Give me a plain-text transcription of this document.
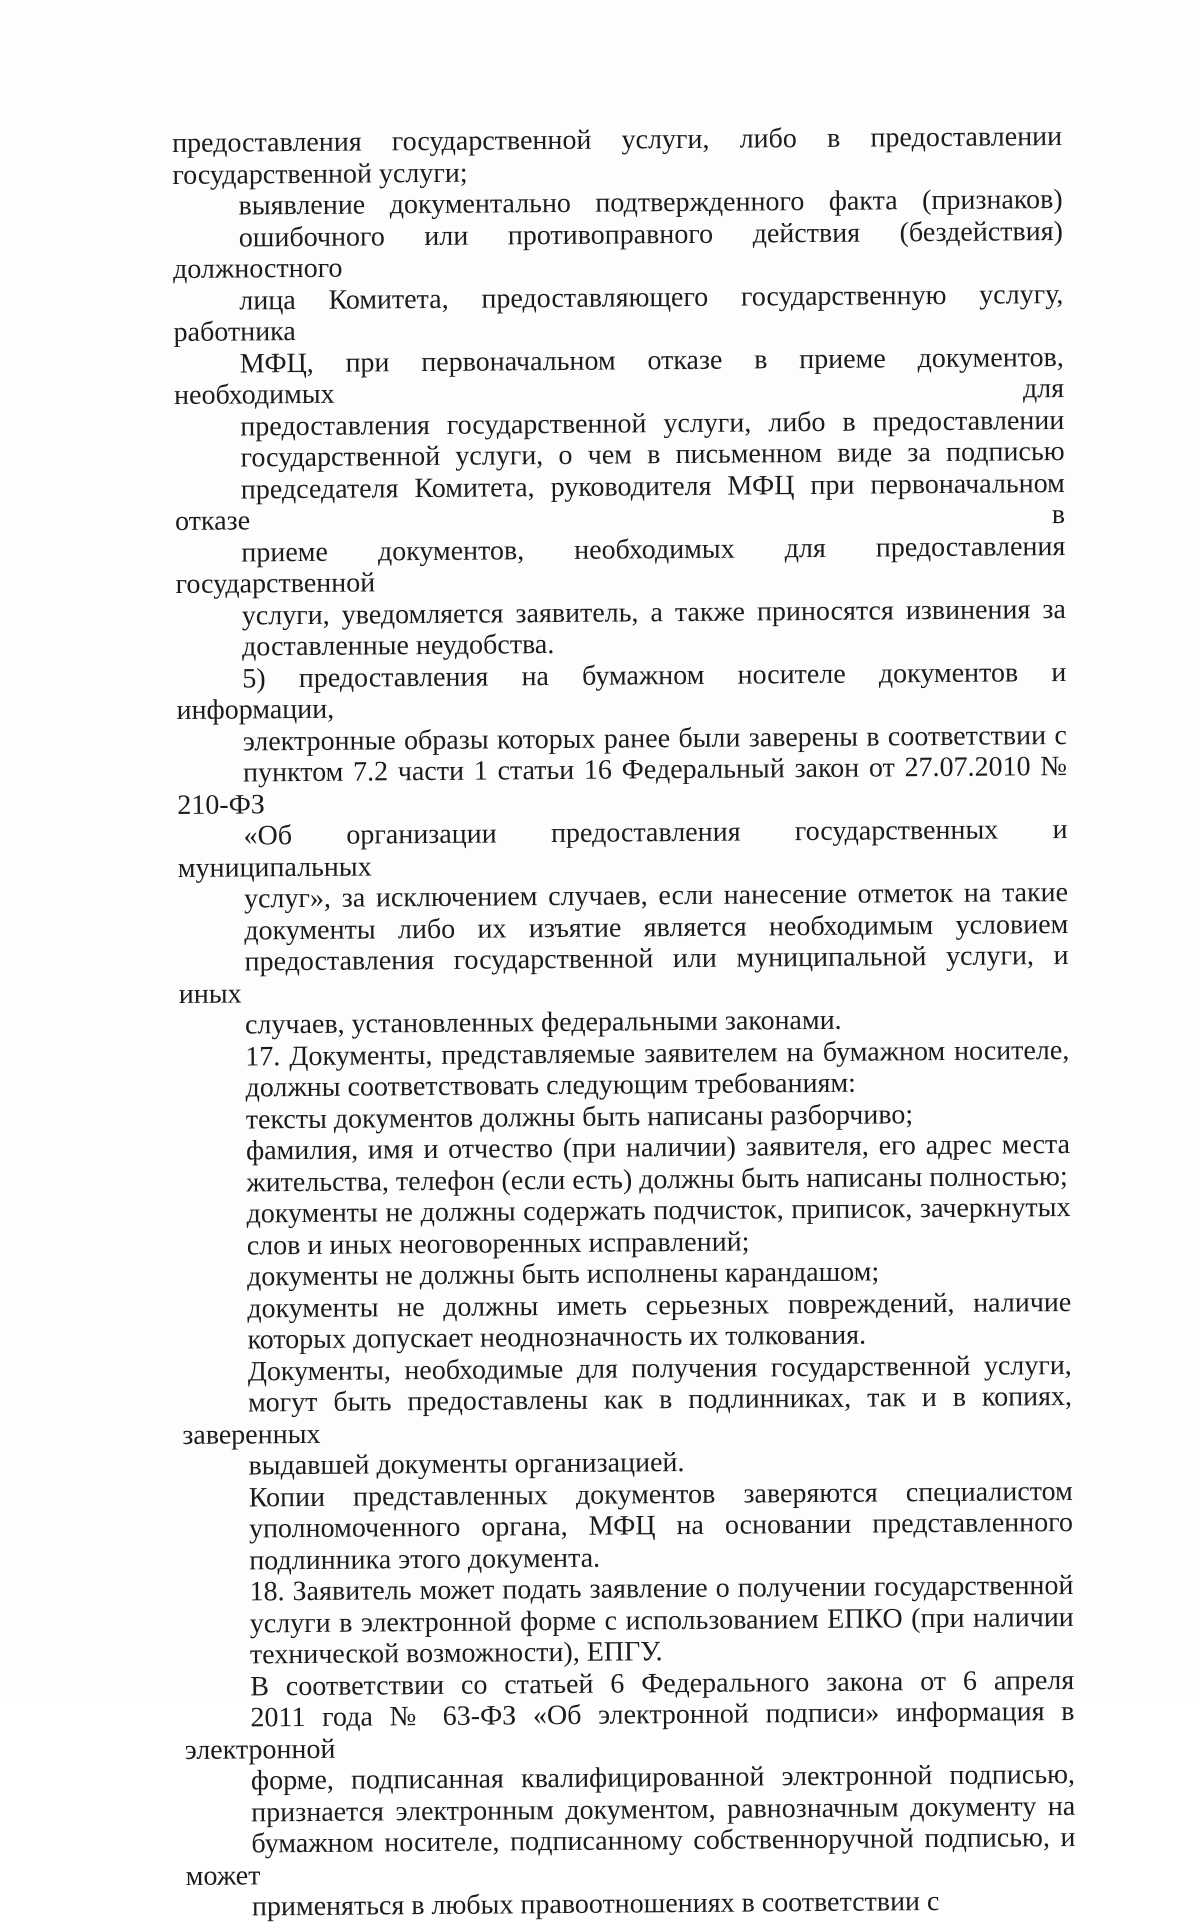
предоставления государственной услуги, либо в предоставлении
государственной услуги;

выявление документально подтвержденного факта (признаков)
ошибочного или противоправного действия (бездействия) должностного
лица Комитета, предоставляющего государственную услугу, работника
МФЦ, при первоначальном отказе в приеме документов, необходимых для
предоставления государственной услуги, либо в предоставлении
государственной услуги, о чем в письменном виде за подписью
председателя Комитета, руководителя МФЦ при первоначальном отказе в
приеме документов, необходимых для предоставления государственной
услуги, уведомляется заявитель, а также приносятся извинения за
доставленные неудобства.

5) предоставления на бумажном носителе документов и информации,
электронные образы которых ранее были заверены в соответствии с
пунктом 7.2 части 1 статьи 16 Федеральный закон от 27.07.2010 № 210-ФЗ
«Об организации предоставления государственных и муниципальных
услуг», за исключением случаев, если нанесение отметок на такие
документы либо их изъятие является необходимым условием
предоставления государственной или муниципальной услуги, и иных
случаев, установленных федеральными законами.

17. Документы, представляемые заявителем на бумажном носителе,
должны соответствовать следующим требованиям:

тексты документов должны быть написаны разборчиво;

фамилия, имя и отчество (при наличии) заявителя, его адрес места
жительства, телефон (если есть) должны быть написаны полностью;

документы не должны содержать подчисток, приписок, зачеркнутых
слов и иных неоговоренных исправлений;

документы не должны быть исполнены карандашом;

документы не должны иметь серьезных повреждений, наличие
которых допускает неоднозначность их толкования.

Документы, необходимые для получения государственной услуги,
могут быть предоставлены как в подлинниках, так и в копиях, заверенных
выдавшей документы организацией.

Копии представленных документов заверяются специалистом
уполномоченного органа, МФЦ на основании представленного
подлинника этого документа.

18. Заявитель может подать заявление о получении государственной
услуги в электронной форме с использованием ЕПКО (при наличии
технической возможности), ЕПГУ.

В соответствии со статьей 6 Федерального закона от 6 апреля
2011 года № 63-ФЗ «Об электронной подписи» информация в электронной
форме, подписанная квалифицированной электронной подписью,
признается электронным документом, равнозначным документу на
бумажном носителе, подписанному собственноручной подписью, и может
применяться в любых правоотношениях в соответствии с
